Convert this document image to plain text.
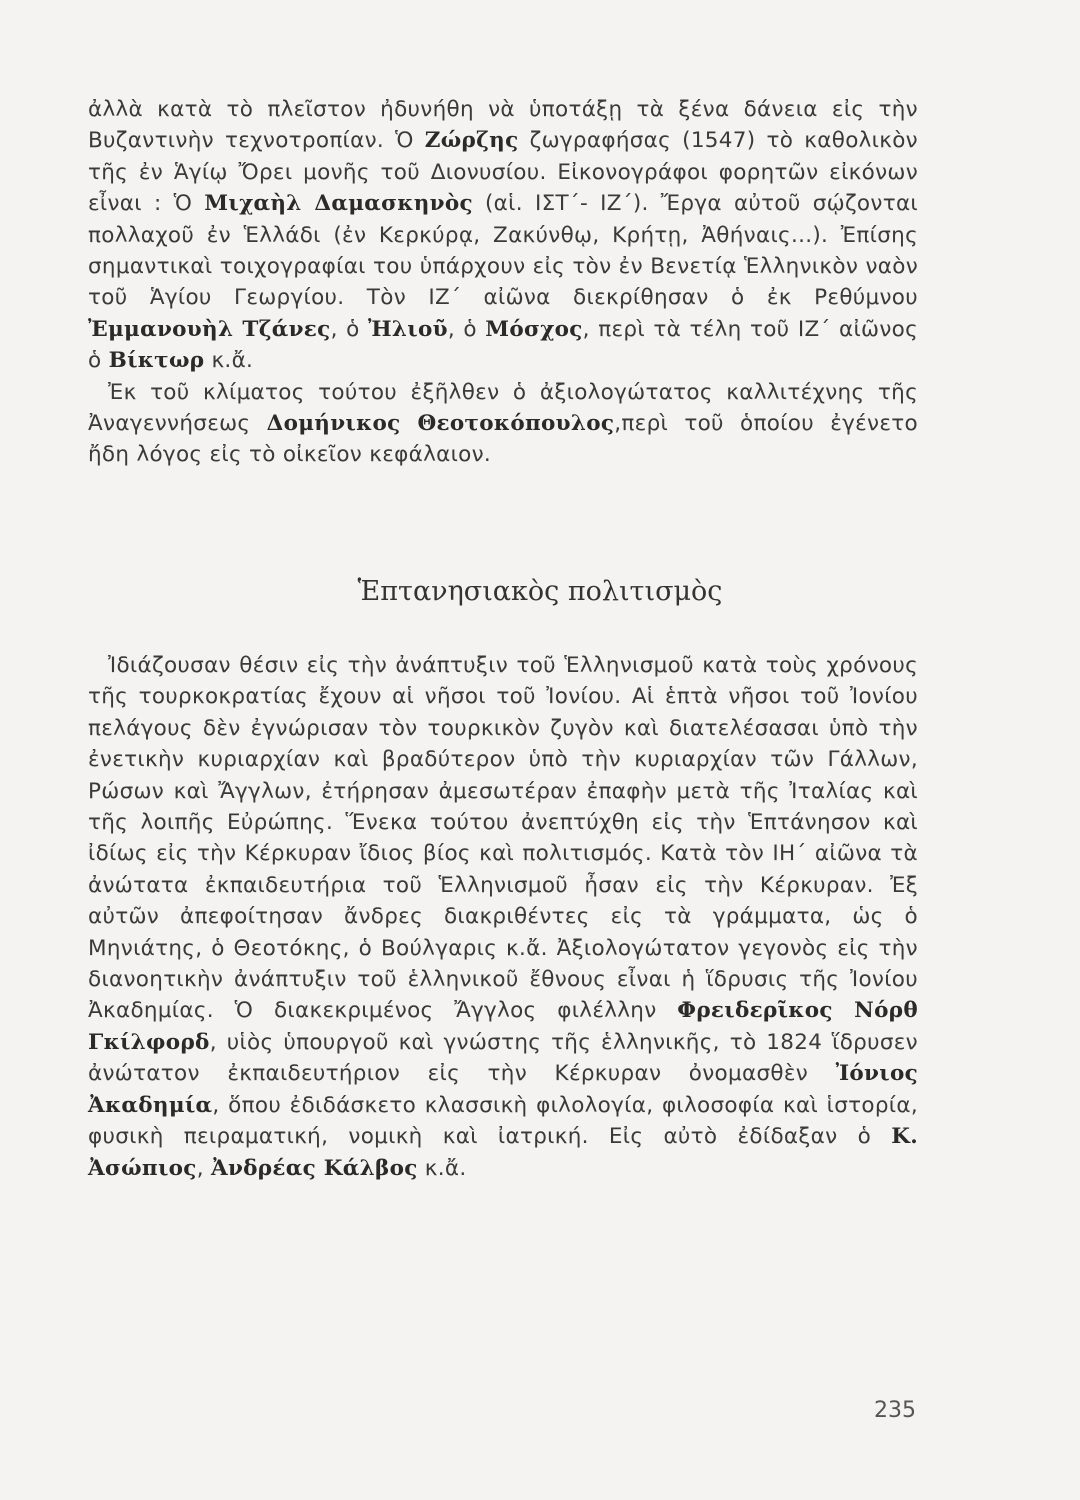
ἀλλὰ κατὰ τὸ πλεῖστον ἠδυνήθη νὰ ὑποτάξῃ τὰ ξένα δάνεια εἰς τὴν Βυζαντινὴν τεχνοτροπίαν. Ὁ Ζώρζης ζωγραφήσας (1547) τὸ καθολικὸν τῆς ἐν Ἁγίῳ Ὄρει μονῆς τοῦ Διονυσίου. Εἰκονογράφοι φορητῶν εἰκόνων εἶναι : Ὁ Μιχαὴλ Δαμασκηνὸς (αἱ. ΙΣΤ΄- ΙΖ΄). Ἔργα αὐτοῦ σῴζονται πολλαχοῦ ἐν Ἑλλάδι (ἐν Κερκύρᾳ, Ζακύνθῳ, Κρήτῃ, Ἀθήναις...). Ἐπίσης σημαντικαὶ τοιχογραφίαι του ὑπάρχουν εἰς τὸν ἐν Βενετίᾳ Ἑλληνικὸν ναὸν τοῦ Ἁγίου Γεωργίου. Τὸν ΙΖ΄ αἰῶνα διεκρίθησαν ὁ ἐκ Ρεθύμνου Ἐμμανουὴλ Τζάνες, ὁ Ἠλιοῦ, ὁ Μόσχος, περὶ τὰ τέλη τοῦ ΙΖ΄ αἰῶνος ὁ Βίκτωρ κ.ἄ.

Ἐκ τοῦ κλίματος τούτου ἐξῆλθεν ὁ ἀξιολογώτατος καλλιτέχνης τῆς Ἀναγεννήσεως Δομήνικος Θεοτοκόπουλος,περὶ τοῦ ὁποίου ἐγένετο ἤδη λόγος εἰς τὸ οἰκεῖον κεφάλαιον.

Ἑπτανησιακὸς πολιτισμὸς

Ἰδιάζουσαν θέσιν εἰς τὴν ἀνάπτυξιν τοῦ Ἑλληνισμοῦ κατὰ τοὺς χρόνους τῆς τουρκοκρατίας ἔχουν αἱ νῆσοι τοῦ Ἰονίου. Αἱ ἑπτὰ νῆσοι τοῦ Ἰονίου πελάγους δὲν ἐγνώρισαν τὸν τουρκικὸν ζυγὸν καὶ διατελέσασαι ὑπὸ τὴν ἐνετικὴν κυριαρχίαν καὶ βραδύτερον ὑπὸ τὴν κυριαρχίαν τῶν Γάλλων, Ρώσων καὶ Ἄγγλων, ἐτήρησαν ἀμεσωτέραν ἐπαφὴν μετὰ τῆς Ἰταλίας καὶ τῆς λοιπῆς Εὐρώπης. Ἕνεκα τούτου ἀνεπτύχθη εἰς τὴν Ἑπτάνησον καὶ ἰδίως εἰς τὴν Κέρκυραν ἴδιος βίος καὶ πολιτισμός. Κατὰ τὸν ΙΗ΄ αἰῶνα τὰ ἀνώτατα ἐκπαιδευτήρια τοῦ Ἑλληνισμοῦ ἦσαν εἰς τὴν Κέρκυραν. Ἐξ αὐτῶν ἀπεφοίτησαν ἄνδρες διακριθέντες εἰς τὰ γράμματα, ὡς ὁ Μηνιάτης, ὁ Θεοτόκης, ὁ Βούλγαρις κ.ἄ. Ἀξιολογώτατον γεγονὸς εἰς τὴν διανοητικὴν ἀνάπτυξιν τοῦ ἑλληνικοῦ ἔθνους εἶναι ἡ ἵδρυσις τῆς Ἰονίου Ἀκαδημίας. Ὁ διακεκριμένος Ἄγγλος φιλέλλην Φρειδερῖκος Νόρθ Γκίλφορδ, υἱὸς ὑπουργοῦ καὶ γνώστης τῆς ἑλληνικῆς, τὸ 1824 ἵδρυσεν ἀνώτατον ἐκπαιδευτήριον εἰς τὴν Κέρκυραν ὀνομασθὲν Ἰόνιος Ἀκαδημία, ὅπου ἐδιδάσκετο κλασσικὴ φιλολογία, φιλοσοφία καὶ ἱστορία, φυσικὴ πειραματική, νομικὴ καὶ ἰατρική. Εἰς αὐτὸ ἐδίδαξαν ὁ Κ. Ἀσώπιος, Ἀνδρέας Κάλβος κ.ἄ.

235
